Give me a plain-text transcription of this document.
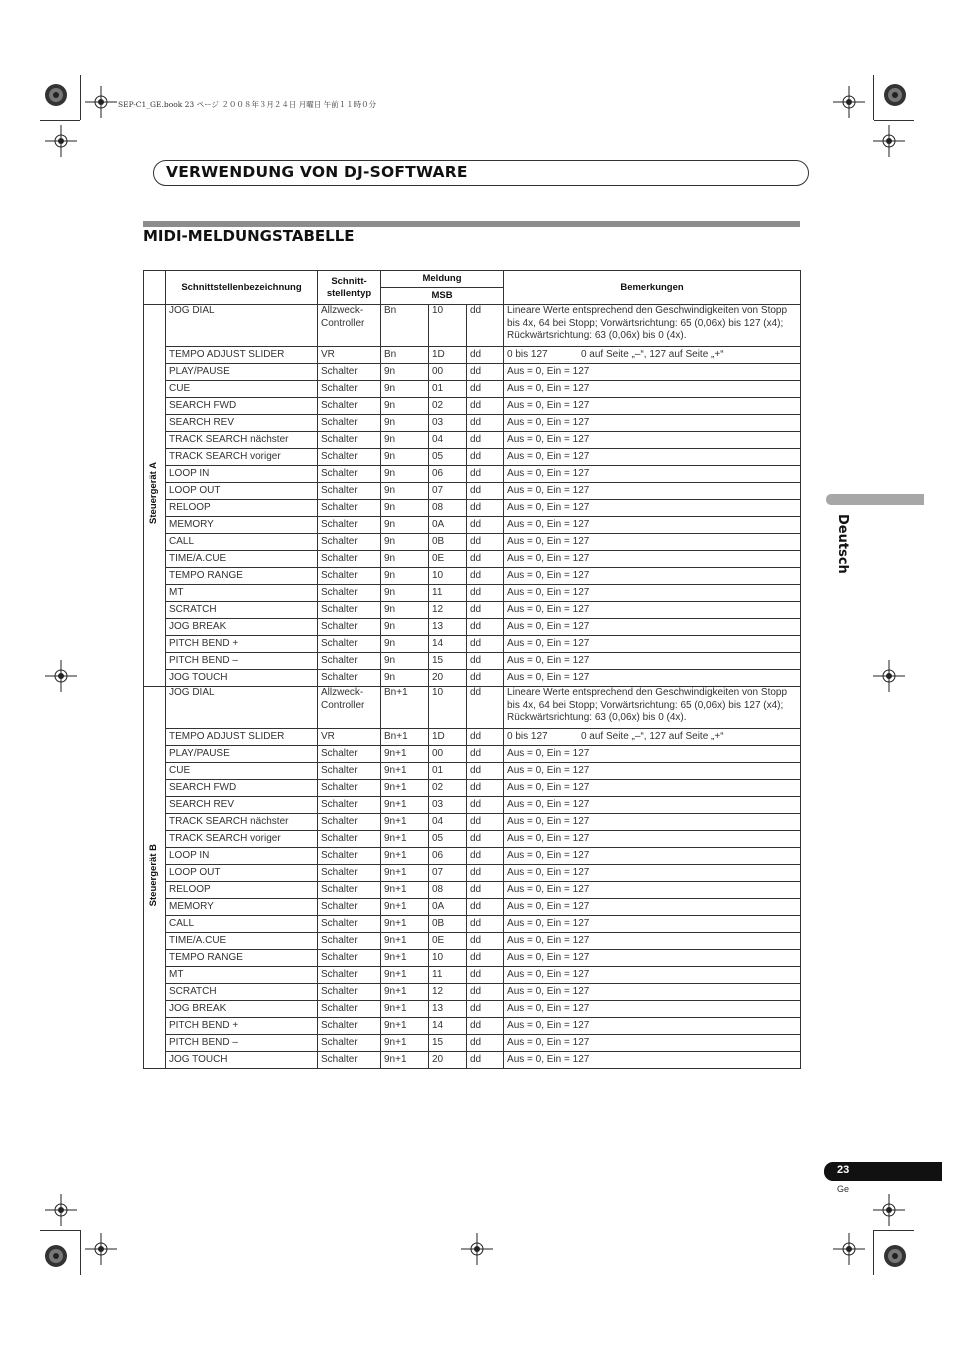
SEP-C1_GE.book 23 ページ ２００８年３月２４日 月曜日 午前１１時０分
VERWENDUNG VON DJ-SOFTWARE
MIDI-MELDUNGSTABELLE
Deutsch
	Schnittstellenbezeichnung	Schnitt-
stellentyp	Meldung			Bemerkungen
			MSB			
Steuergerät A	JOG DIAL	Allzweck-
Controller	Bn	10	dd	Lineare Werte entsprechend den Geschwindigkeiten von Stopp bis 4x, 64 bei Stopp; Vorwärtsrichtung: 65 (0,06x) bis 127 (x4); Rückwärtsrichtung: 63 (0,06x) bis 0 (4x).
	TEMPO ADJUST SLIDER	VR	Bn	1D	dd	0 bis 127            0 auf Seite „–“, 127 auf Seite „+“
	PLAY/PAUSE	Schalter	9n	00	dd	Aus = 0, Ein = 127
	CUE	Schalter	9n	01	dd	Aus = 0, Ein = 127
	SEARCH FWD	Schalter	9n	02	dd	Aus = 0, Ein = 127
	SEARCH REV	Schalter	9n	03	dd	Aus = 0, Ein = 127
	TRACK SEARCH nächster	Schalter	9n	04	dd	Aus = 0, Ein = 127
	TRACK SEARCH voriger	Schalter	9n	05	dd	Aus = 0, Ein = 127
	LOOP IN	Schalter	9n	06	dd	Aus = 0, Ein = 127
	LOOP OUT	Schalter	9n	07	dd	Aus = 0, Ein = 127
	RELOOP	Schalter	9n	08	dd	Aus = 0, Ein = 127
	MEMORY	Schalter	9n	0A	dd	Aus = 0, Ein = 127
	CALL	Schalter	9n	0B	dd	Aus = 0, Ein = 127
	TIME/A.CUE	Schalter	9n	0E	dd	Aus = 0, Ein = 127
	TEMPO RANGE	Schalter	9n	10	dd	Aus = 0, Ein = 127
	MT	Schalter	9n	11	dd	Aus = 0, Ein = 127
	SCRATCH	Schalter	9n	12	dd	Aus = 0, Ein = 127
	JOG BREAK	Schalter	9n	13	dd	Aus = 0, Ein = 127
	PITCH BEND +	Schalter	9n	14	dd	Aus = 0, Ein = 127
	PITCH BEND –	Schalter	9n	15	dd	Aus = 0, Ein = 127
	JOG TOUCH	Schalter	9n	20	dd	Aus = 0, Ein = 127
Steuergerät B	JOG DIAL	Allzweck-
Controller	Bn+1	10	dd	Lineare Werte entsprechend den Geschwindigkeiten von Stopp bis 4x, 64 bei Stopp; Vorwärtsrichtung: 65 (0,06x) bis 127 (x4); Rückwärtsrichtung: 63 (0,06x) bis 0 (4x).
	TEMPO ADJUST SLIDER	VR	Bn+1	1D	dd	0 bis 127            0 auf Seite „–“, 127 auf Seite „+“
	PLAY/PAUSE	Schalter	9n+1	00	dd	Aus = 0, Ein = 127
	CUE	Schalter	9n+1	01	dd	Aus = 0, Ein = 127
	SEARCH FWD	Schalter	9n+1	02	dd	Aus = 0, Ein = 127
	SEARCH REV	Schalter	9n+1	03	dd	Aus = 0, Ein = 127
	TRACK SEARCH nächster	Schalter	9n+1	04	dd	Aus = 0, Ein = 127
	TRACK SEARCH voriger	Schalter	9n+1	05	dd	Aus = 0, Ein = 127
	LOOP IN	Schalter	9n+1	06	dd	Aus = 0, Ein = 127
	LOOP OUT	Schalter	9n+1	07	dd	Aus = 0, Ein = 127
	RELOOP	Schalter	9n+1	08	dd	Aus = 0, Ein = 127
	MEMORY	Schalter	9n+1	0A	dd	Aus = 0, Ein = 127
	CALL	Schalter	9n+1	0B	dd	Aus = 0, Ein = 127
	TIME/A.CUE	Schalter	9n+1	0E	dd	Aus = 0, Ein = 127
	TEMPO RANGE	Schalter	9n+1	10	dd	Aus = 0, Ein = 127
	MT	Schalter	9n+1	11	dd	Aus = 0, Ein = 127
	SCRATCH	Schalter	9n+1	12	dd	Aus = 0, Ein = 127
	JOG BREAK	Schalter	9n+1	13	dd	Aus = 0, Ein = 127
	PITCH BEND +	Schalter	9n+1	14	dd	Aus = 0, Ein = 127
	PITCH BEND –	Schalter	9n+1	15	dd	Aus = 0, Ein = 127
	JOG TOUCH	Schalter	9n+1	20	dd	Aus = 0, Ein = 127
23
Ge
